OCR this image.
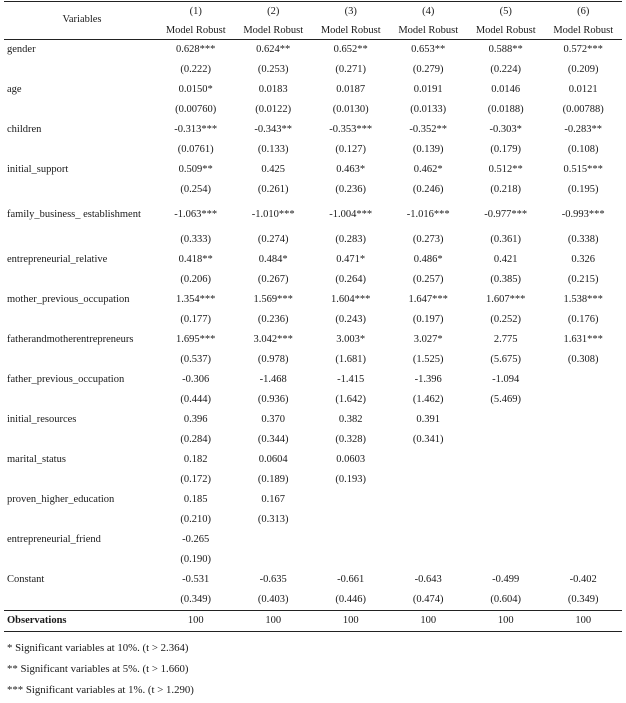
Variables	(1)	(2)	(3)	(4)	(5)	(6)
	Model Robust	Model Robust	Model Robust	Model Robust	Model Robust	Model Robust
gender	0.628***	0.624**	0.652**	0.653**	0.588**	0.572***
	(0.222)	(0.253)	(0.271)	(0.279)	(0.224)	(0.209)
age	0.0150*	0.0183	0.0187	0.0191	0.0146	0.0121
	(0.00760)	(0.0122)	(0.0130)	(0.0133)	(0.0188)	(0.00788)
children	-0.313***	-0.343**	-0.353***	-0.352**	-0.303*	-0.283**
	(0.0761)	(0.133)	(0.127)	(0.139)	(0.179)	(0.108)
initial_support	0.509**	0.425	0.463*	0.462*	0.512**	0.515***
	(0.254)	(0.261)	(0.236)	(0.246)	(0.218)	(0.195)
family_business_ establishment	-1.063***	-1.010***	-1.004***	-1.016***	-0.977***	-0.993***
	(0.333)	(0.274)	(0.283)	(0.273)	(0.361)	(0.338)
entrepreneurial_relative	0.418**	0.484*	0.471*	0.486*	0.421	0.326
	(0.206)	(0.267)	(0.264)	(0.257)	(0.385)	(0.215)
mother_previous_occupation	1.354***	1.569***	1.604***	1.647***	1.607***	1.538***
	(0.177)	(0.236)	(0.243)	(0.197)	(0.252)	(0.176)
fatherandmotherentrepreneurs	1.695***	3.042***	3.003*	3.027*	2.775	1.631***
	(0.537)	(0.978)	(1.681)	(1.525)	(5.675)	(0.308)
father_previous_occupation	-0.306	-1.468	-1.415	-1.396	-1.094	
	(0.444)	(0.936)	(1.642)	(1.462)	(5.469)	
initial_resources	0.396	0.370	0.382	0.391		
	(0.284)	(0.344)	(0.328)	(0.341)		
marital_status	0.182	0.0604	0.0603			
	(0.172)	(0.189)	(0.193)			
proven_higher_education	0.185	0.167				
	(0.210)	(0.313)				
entrepreneurial_friend	-0.265					
	(0.190)					
Constant	-0.531	-0.635	-0.661	-0.643	-0.499	-0.402
	(0.349)	(0.403)	(0.446)	(0.474)	(0.604)	(0.349)
Observations	100	100	100	100	100	100
* Significant variables at 10%. (t > 2.364)
** Significant variables at 5%. (t > 1.660)
*** Significant variables at 1%. (t > 1.290)
